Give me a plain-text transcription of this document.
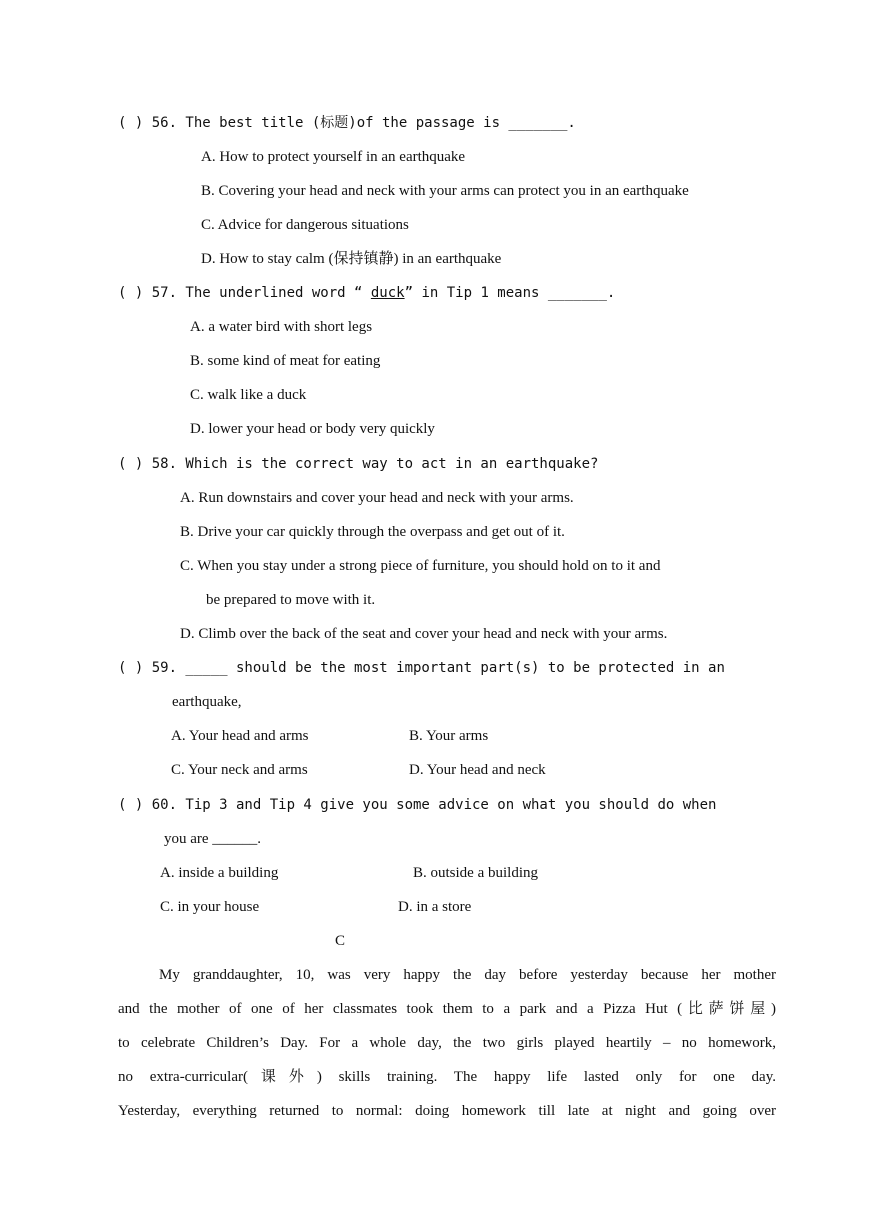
( ) 56. The best title (标题)of the passage is _______.
A. How to protect yourself in an earthquake
B. Covering your head and neck with your arms can protect you in an earthquake
C. Advice for dangerous situations
D. How to stay calm (保持镇静) in an earthquake
( ) 57. The underlined word “ duck” in Tip 1 means _______.
A. a water bird with short legs
B. some kind of meat for eating
C. walk like a duck
D. lower your head or body very quickly
( ) 58. Which is the correct way to act in an earthquake?
A. Run downstairs and cover your head and neck with your arms.
B. Drive your car quickly through the overpass and get out of it.
C. When you stay under a strong piece of furniture, you should hold on to it and
be prepared to move with it.
D. Climb over the back of the seat and cover your head and neck with your arms.
( ) 59. _____ should be the most important part(s) to be protected in an
earthquake,
A. Your head and arms	B. Your arms
C. Your neck and arms	D. Your head and neck
( ) 60. Tip 3 and Tip 4 give you some advice on what you should do when
you are ______.
A. inside a building	B. outside a building
C. in your house	D. in a store
C
My granddaughter, 10, was very happy the day before yesterday because her mother
and the mother of one of her classmates took them to a park and a Pizza Hut (比萨饼屋)
to celebrate Children’s Day. For a whole day, the two girls played heartily – no homework,
no extra-curricular(课外) skills training. The happy life lasted only for one day.
Yesterday, everything returned to normal: doing homework till late at night and going over
